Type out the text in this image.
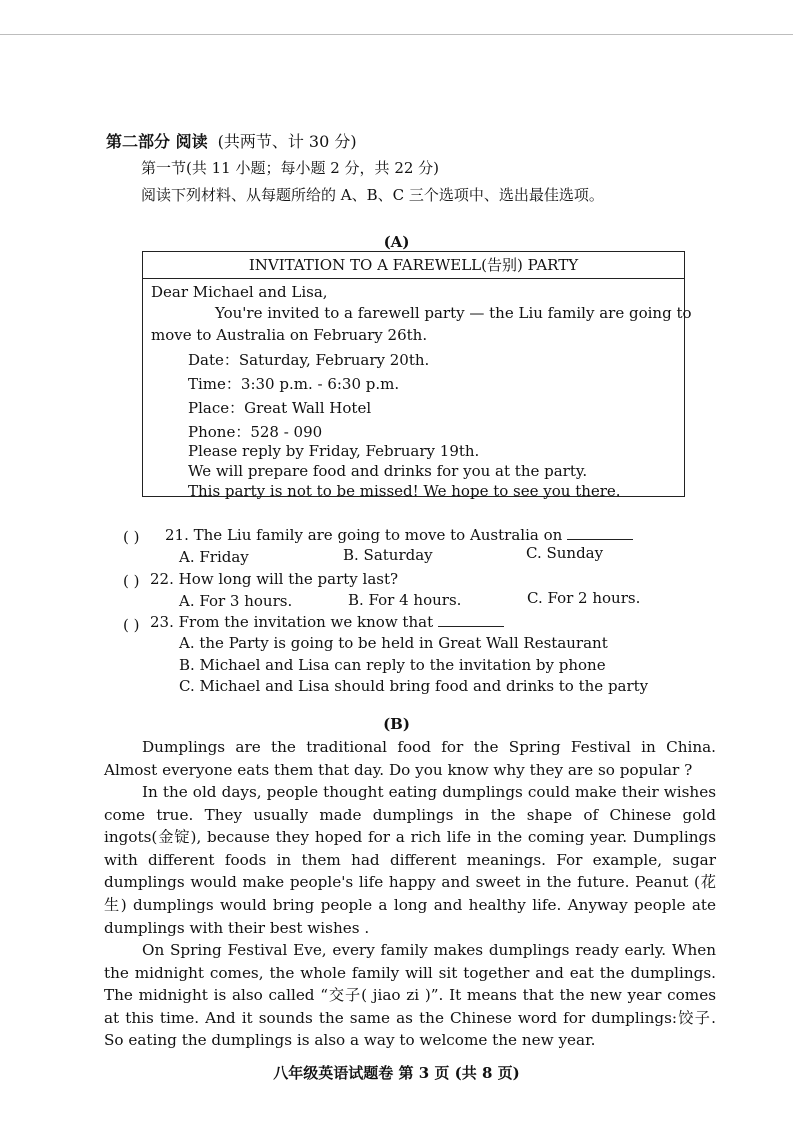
第二部分 阅读 (共两节、计 30 分)
第一节(共 11 小题；每小题 2 分，共 22 分)
阅读下列材料、从每题所给的 A、B、C 三个选项中、选出最佳选项。
(A)
INVITATION TO A FAREWELL(告别) PARTY
Dear Michael and Lisa,
You're invited to a farewell party — the Liu family are going to
move to Australia on February 26th.
Date：Saturday, February 20th.
Time：3:30 p.m. - 6:30 p.m.
Place：Great Wall Hotel
Phone：528 - 090
Please reply by Friday, February 19th.
We will prepare food and drinks for you at the party.
This party is not to be missed! We hope to see you there.
( ) 21. The Liu family are going to move to Australia on
A. Friday	B. Saturday	C. Sunday
( ) 22. How long will the party last?
A. For 3 hours.	B. For 4 hours.	C. For 2 hours.
( ) 23. From the invitation we know that
A. the Party is going to be held in Great Wall Restaurant
B. Michael and Lisa can reply to the invitation by phone
C. Michael and Lisa should bring food and drinks to the party
(B)
Dumplings are the traditional food for the Spring Festival in China. Almost everyone eats them that day. Do you know why they are so popular ?
In the old days, people thought eating dumplings could make their wishes come true. They usually made dumplings in the shape of Chinese gold ingots(金锭), because they hoped for a rich life in the coming year. Dumplings with different foods in them had different meanings. For example, sugar dumplings would make people's life happy and sweet in the future. Peanut (花生) dumplings would bring people a long and healthy life. Anyway people ate dumplings with their best wishes .
On Spring Festival Eve, every family makes dumplings ready early. When the midnight comes, the whole family will sit together and eat the dumplings. The midnight is also called “交子( jiao zi )”. It means that the new year comes at this time. And it sounds the same as the Chinese word for dumplings:饺子. So eating the dumplings is also a way to welcome the new year.
八年级英语试题卷 第 3 页 (共 8 页)
